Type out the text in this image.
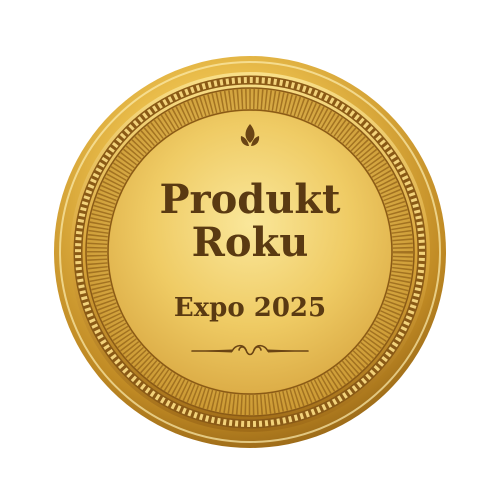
Produkt
Roku
Expo 2025
